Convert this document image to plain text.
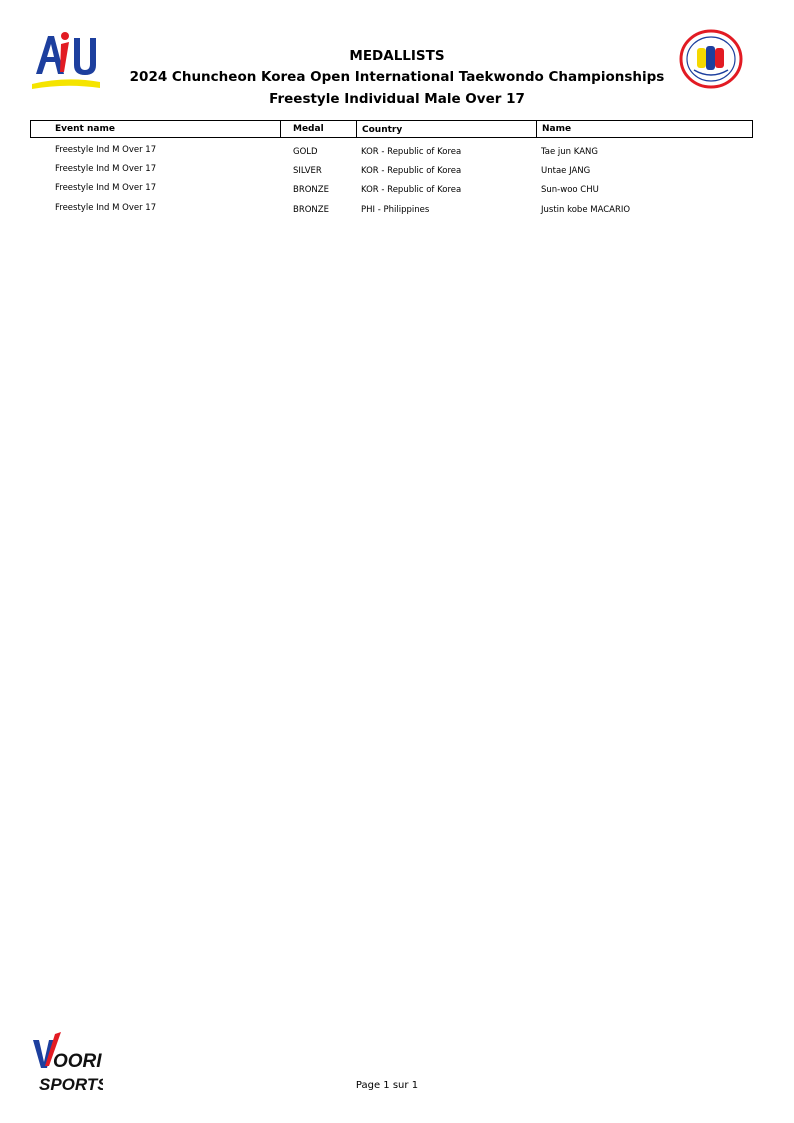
MEDALLISTS
2024 Chuncheon Korea Open International Taekwondo Championships
Freestyle Individual Male Over 17
Event name	Medal	Country	Name
Freestyle Ind M Over 17	GOLD	KOR - Republic of Korea	Tae jun KANG
Freestyle Ind M Over 17	SILVER	KOR - Republic of Korea	Untae JANG
Freestyle Ind M Over 17	BRONZE	KOR - Republic of Korea	Sun-woo CHU
Freestyle Ind M Over 17	BRONZE	PHI - Philippines	Justin kobe MACARIO
OORI
SPORTS	Page 1 sur 1
